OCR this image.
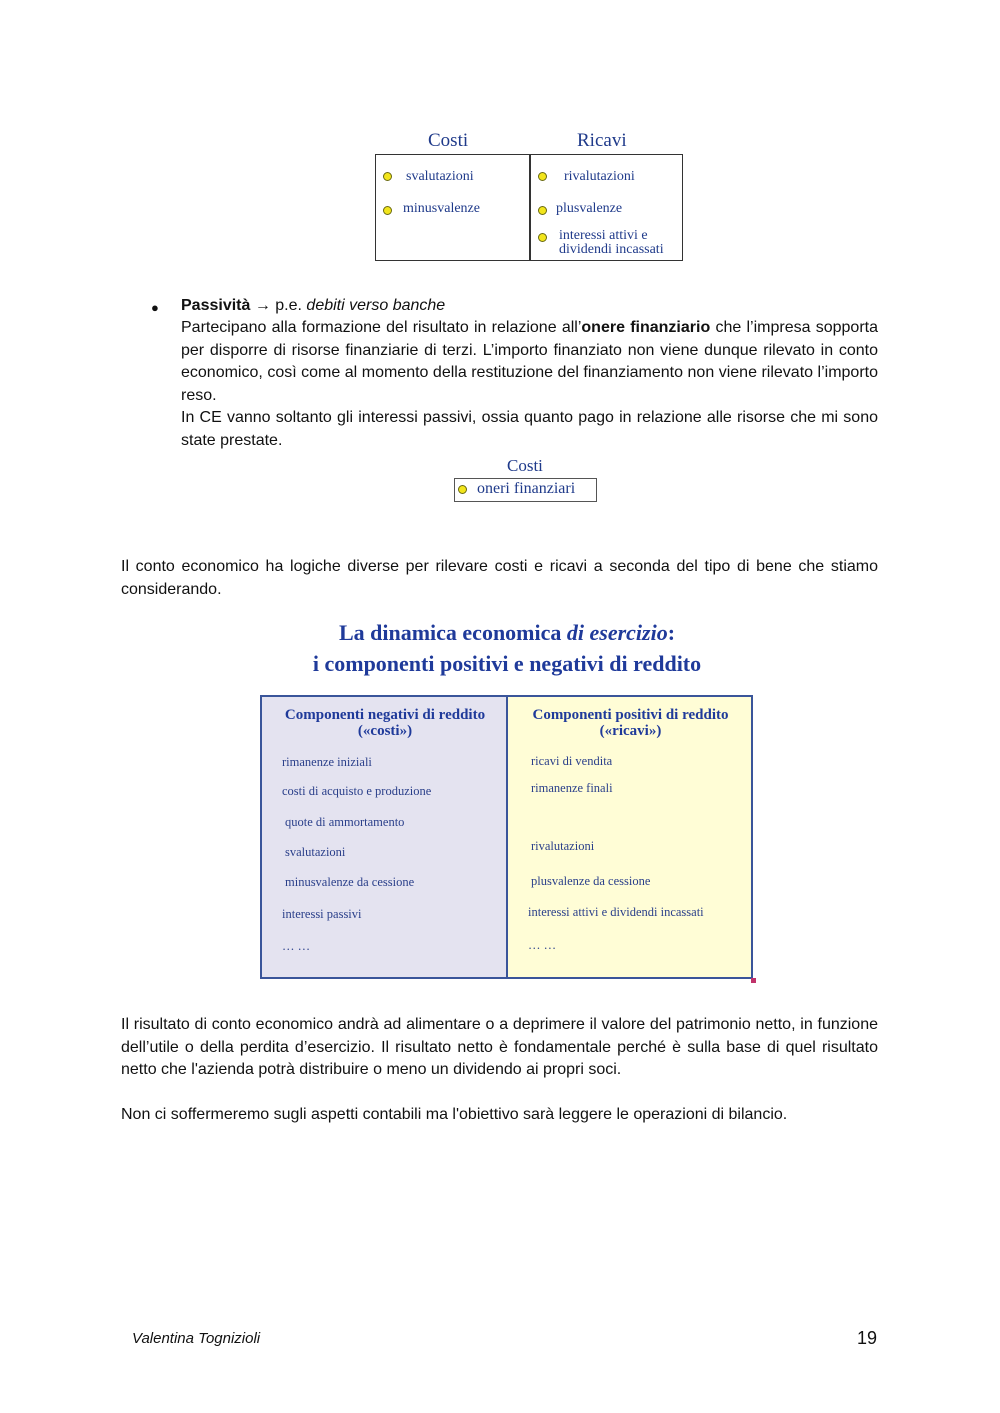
Costi	Ricavi
svalutazioni
minusvalenze
rivalutazioni
plusvalenze
interessi attivi e
dividendi incassati
● Passività → p.e. debiti verso banche
Partecipano alla formazione del risultato in relazione all’onere finanziario che l’impresa sopporta per disporre di risorse finanziarie di terzi. L’importo finanziato non viene dunque rilevato in conto economico, così come al momento della restituzione del finanziamento non viene rilevato l’importo reso.
In CE vanno soltanto gli interessi passivi, ossia quanto pago in relazione alle risorse che mi sono state prestate.
Costi
oneri finanziari
Il conto economico ha logiche diverse per rilevare costi e ricavi a seconda del tipo di bene che stiamo considerando.
La dinamica economica di esercizio:
i componenti positivi e negativi di reddito
Componenti negativi di reddito
(«costi»)
rimanenze iniziali
costi di acquisto e produzione
quote di ammortamento
svalutazioni
minusvalenze da cessione
interessi passivi
… …
Componenti positivi di reddito
(«ricavi»)
ricavi di vendita
rimanenze finali
rivalutazioni
plusvalenze da cessione
interessi attivi e dividendi incassati
… …
Il risultato di conto economico andrà ad alimentare o a deprimere il valore del patrimonio netto, in funzione dell’utile o della perdita d’esercizio. Il risultato netto è fondamentale perché è sulla base di quel risultato netto che l'azienda potrà distribuire o meno un dividendo ai propri soci.
Non ci soffermeremo sugli aspetti contabili ma l'obiettivo sarà leggere le operazioni di bilancio.
Valentina Tognizioli	19
